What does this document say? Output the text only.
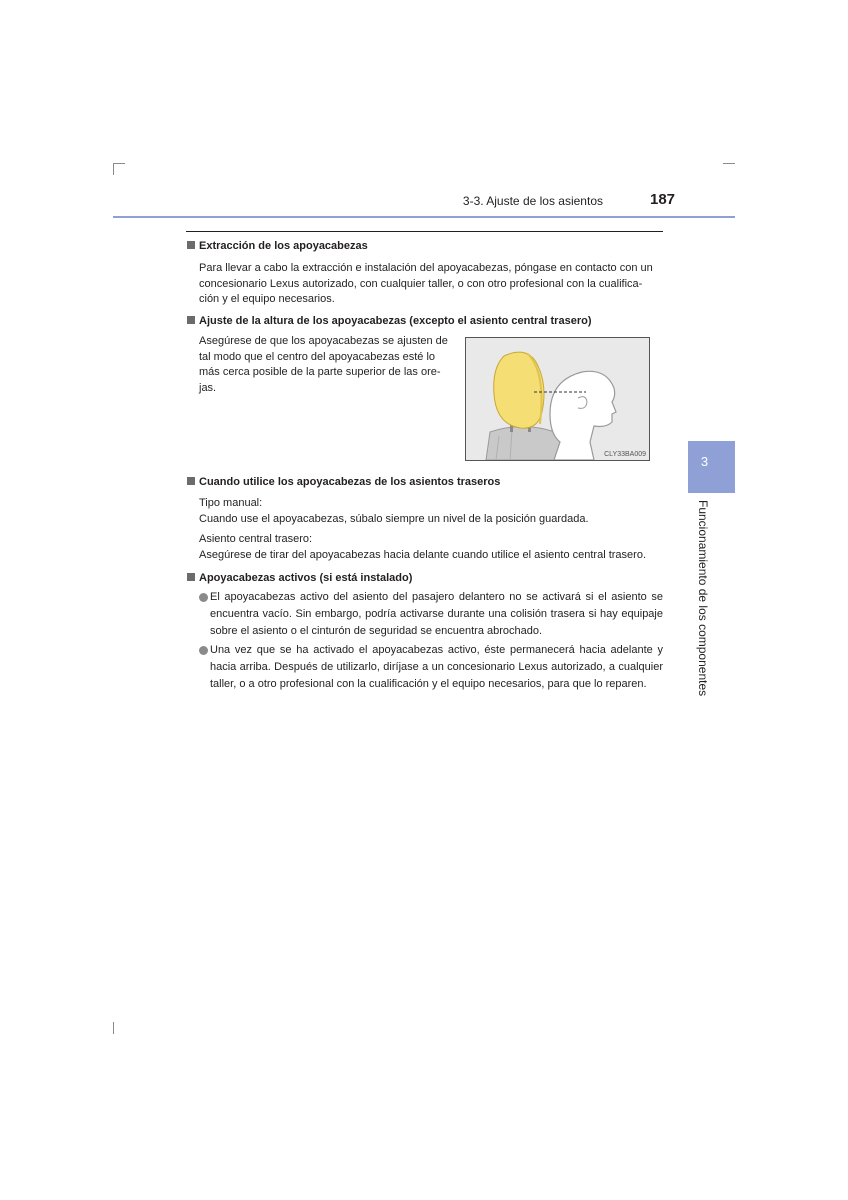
3-3. Ajuste de los asientos	187
3
Funcionamiento de los componentes
Extracción de los apoyacabezas
Para llevar a cabo la extracción e instalación del apoyacabezas, póngase en contacto con un
concesionario Lexus autorizado, con cualquier taller, o con otro profesional con la cualifica-
ción y el equipo necesarios.
Ajuste de la altura de los apoyacabezas (excepto el asiento central trasero)
Asegúrese de que los apoyacabezas se ajusten de
tal modo que el centro del apoyacabezas esté lo
más cerca posible de la parte superior de las ore-
jas.
CLY33BA009
Cuando utilice los apoyacabezas de los asientos traseros
Tipo manual:
Cuando use el apoyacabezas, súbalo siempre un nivel de la posición guardada.
Asiento central trasero:
Asegúrese de tirar del apoyacabezas hacia delante cuando utilice el asiento central trasero.
Apoyacabezas activos (si está instalado)
El apoyacabezas activo del asiento del pasajero delantero no se activará si el asiento se encuentra vacío. Sin embargo, podría activarse durante una colisión trasera si hay equipaje sobre el asiento o el cinturón de seguridad se encuentra abrochado.
Una vez que se ha activado el apoyacabezas activo, éste permanecerá hacia adelante y hacia arriba. Después de utilizarlo, diríjase a un concesionario Lexus autorizado, a cualquier taller, o a otro profesional con la cualificación y el equipo necesarios, para que lo reparen.
